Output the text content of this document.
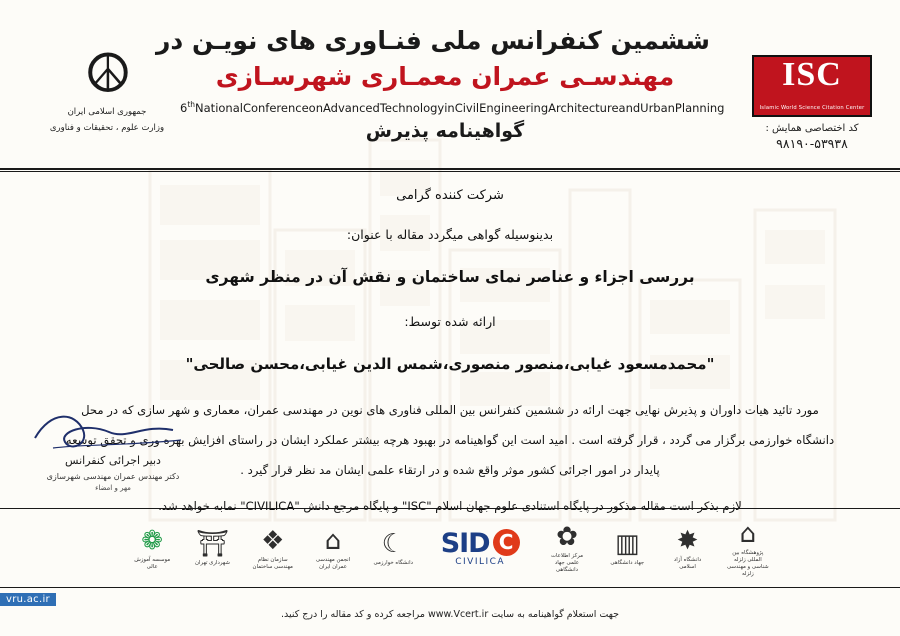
☮
جمهوری اسلامی ایران
وزارت علوم ، تحقیقات و فناوری
ششمین کنفرانس ملی فنـاوری های نویـن در
مهندسـی عمران معمـاری شهرسـازی
6thNationalConferenceonAdvancedTechnologyinCivilEngineeringArchitectureandUrbanPlanning
گواهینامه پذیرش
ISC
Islamic World Science Citation Center
کد اختصاصی همایش :
۹۸۱۹۰-۵۳۹۳۸
شركت كننده گرامی
بدینوسیله گواهی میگردد مقاله با عنوان:
بررسی اجزاء و عناصر نمای ساختمان و نقش آن در منظر شهری
ارائه شده توسط:
"محمدمسعود غیابی،منصور منصوری،شمس الدین غیابی،محسن صالحی"
مورد تائید هیات داوران و پذیرش نهایی جهت ارائه در ششمین کنفرانس بین المللی فناوری های نوین در مهندسی عمران، معماری و شهر سازی که در محل
دانشگاه خوارزمی برگزار می گردد ، قرار گرفته است . امید است این گواهینامه در بهبود هرچه بیشتر عملکرد ایشان در راستای افزایش بهره وری و تحقق توسعه
پایدار در امور اجرائی کشور موثر واقع شده و در ارتقاء علمی ایشان مد نظر قرار گیرد .
لازم بذكر است مقاله مذكور در پایگاه استنادی علوم جهان اسلام "ISC" و پایگاه مرجع دانش "CIVILICA" نمابه خواهد شد.
دبیر اجرائی کنفرانس
دکتر مهندس عمران مهندسی شهرسازی
مهر و امضاء
⌂
پژوهشگاه بین المللی زلزله شناسی و مهندسی زلزله
✸
دانشگاه آزاد اسلامی
▥
جهاد دانشگاهی
✿
مرکز اطلاعات علمی جهاد دانشگاهی
SID C
CIVILICA
☾
دانشگاه خوارزمی
⌂
انجمن مهندسی عمران ایران
❖
سازمان نظام مهندسی ساختمان
⛩
شهرداری تهران
❁
موسسه آموزش عالی
جهت استعلام گواهینامه به سایت www.Vcert.ir مراجعه کرده و کد مقاله را درج کنید.
vru.ac.ir
